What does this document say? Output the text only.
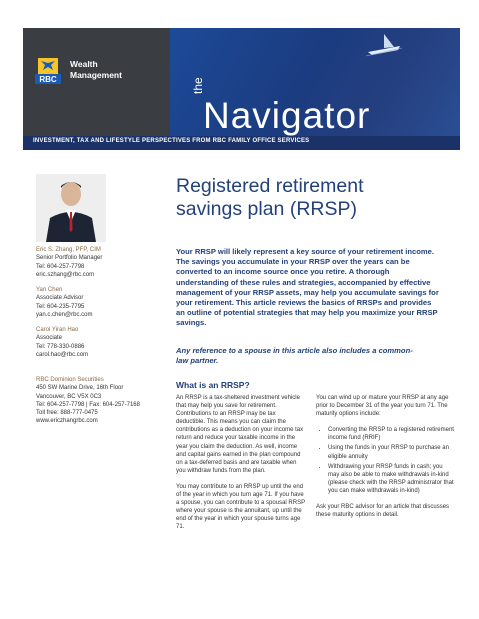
RBC
Wealth
Management
the
Navigator
INVESTMENT, TAX AND LIFESTYLE PERSPECTIVES FROM RBC FAMILY OFFICE SERVICES
Eric S. Zhang, PFP, CIM
Senior Portfolio Manager
Tel: 604-257-7798
eric.szhang@rbc.com
Yan Chen
Associate Advisor
Tel: 604-235-7795
yan.c.chen@rbc.com
Carol Yiran Hao
Associate
Tel: 778-330-0886
carol.hao@rbc.com
RBC Dominion Securities
450 SW Marine Drive, 16th Floor
Vancouver, BC V5X 0C3
Tel: 604-257-7798 | Fax: 604-257-7168
Toll free: 888-777-0475
www.ericzhangrbc.com
Registered retirement
savings plan (RRSP)

Your RRSP will likely represent a key source of your retirement income. The savings you accumulate in your RRSP over the years can be converted to an income source once you retire. A thorough understanding of these rules and strategies, accompanied by effective management of your RRSP assets, may help you accumulate savings for your retirement. This article reviews the basics of RRSPs and provides an outline of potential strategies that may help you maximize your RRSP savings.

Any reference to a spouse in this article also includes a common-law partner.

What is an RRSP?

An RRSP is a tax-sheltered investment vehicle that may help you save for retirement. Contributions to an RRSP may be tax deductible. This means you can claim the contributions as a deduction on your income tax return and reduce your taxable income in the year you claim the deduction. As well, income and capital gains earned in the plan compound on a tax-deferred basis and are taxable when you withdraw funds from the plan.

You may contribute to an RRSP up until the end of the year in which you turn age 71. If you have a spouse, you can contribute to a spousal RRSP where your spouse is the annuitant, up until the end of the year in which your spouse turns age 71.

You can wind up or mature your RRSP at any age prior to December 31 of the year you turn 71. The maturity options include:

• Converting the RRSP to a registered retirement income fund (RRIF)
• Using the funds in your RRSP to purchase an eligible annuity
• Withdrawing your RRSP funds in cash; you may also be able to make withdrawals in-kind (please check with the RRSP administrator that you can make withdrawals in-kind)

Ask your RBC advisor for an article that discusses these maturity options in detail.
